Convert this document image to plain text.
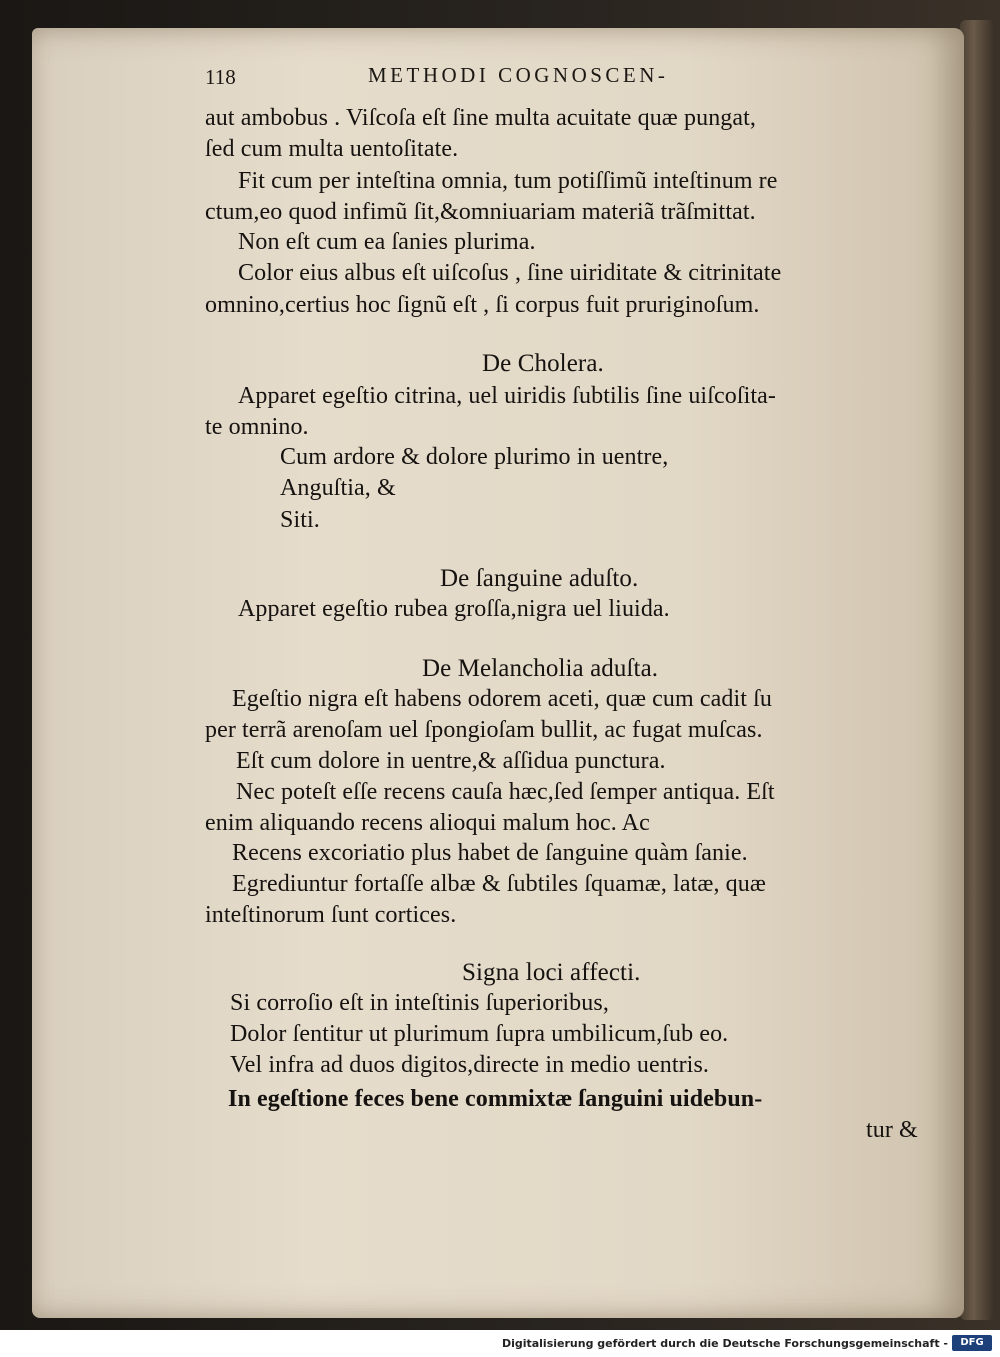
118	METHODI COGNOSCEN-
aut ambobus . Viſcoſa eſt ſine multa acuitate quæ pungat,
ſed cum multa uentoſitate.
Fit cum per inteſtina omnia, tum potiſſimũ inteſtinum re
ctum,eo quod infimũ ſit,&omniuariam materiã trãſmittat.
Non eſt cum ea ſanies plurima.
Color eius albus eſt uiſcoſus , ſine uiriditate & citrinitate
omnino,certius hoc ſignũ eſt , ſi corpus fuit pruriginoſum.
De Cholera.
Apparet egeſtio citrina, uel uiridis ſubtilis ſine uiſcoſita-
te omnino.
Cum ardore & dolore plurimo in uentre,
Anguſtia, &
Siti.
De ſanguine aduſto.
Apparet egeſtio rubea groſſa,nigra uel liuida.
De Melancholia aduſta.
Egeſtio nigra eſt habens odorem aceti, quæ cum cadit ſu
per terrã arenoſam uel ſpongioſam bullit, ac fugat muſcas.
Eſt cum dolore in uentre,& aſſidua punctura.
Nec poteſt eſſe recens cauſa hæc,ſed ſemper antiqua. Eſt
enim aliquando recens alioqui malum hoc. Ac
Recens excoriatio plus habet de ſanguine quàm ſanie.
Egrediuntur fortaſſe albæ & ſubtiles ſquamæ, latæ, quæ
inteſtinorum ſunt cortices.
Signa loci affecti.
Si corroſio eſt in inteſtinis ſuperioribus,
Dolor ſentitur ut plurimum ſupra umbilicum,ſub eo.
Vel infra ad duos digitos,directe in medio uentris.
In egeſtione feces bene commixtæ ſanguini uidebun-
tur &
Digitalisierung gefördert durch die Deutsche Forschungsgemeinschaft -	DFG
